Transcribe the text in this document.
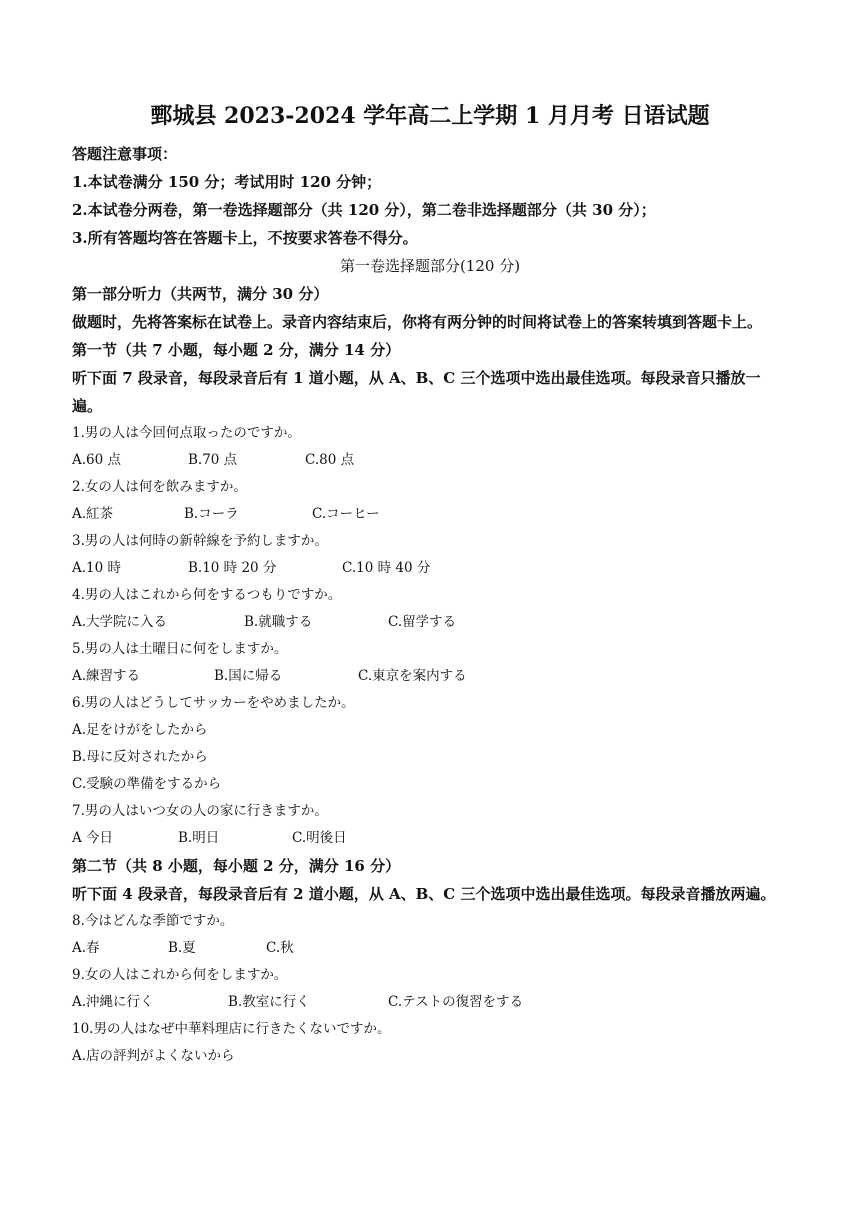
鄄城县 2023-2024 学年高二上学期 1 月月考 日语试题

答题注意事项：

1.本试卷满分 150 分；考试用时 120 分钟；

2.本试卷分两卷，第一卷选择题部分（共 120 分），第二卷非选择题部分（共 30 分）；

3.所有答题均答在答题卡上，不按要求答卷不得分。

第一卷选择题部分(120 分)

第一部分听力（共两节，满分 30 分）

做题时，先将答案标在试卷上。录音内容结束后，你将有两分钟的时间将试卷上的答案转填到答题卡上。

第一节（共 7 小题，每小题 2 分，满分 14 分）

听下面 7 段录音，每段录音后有 1 道小题，从 A、B、C 三个选项中选出最佳选项。每段录音只播放一遍。

1.男の人は今回何点取ったのですか。

A.60 点	B.70 点	C.80 点

2.女の人は何を飲みますか。

A.紅茶	B.コーラ	C.コーヒー

3.男の人は何時の新幹線を予約しますか。

A.10 時	B.10 時 20 分	C.10 時 40 分

4.男の人はこれから何をするつもりですか。

A.大学院に入る	B.就職する	C.留学する

5.男の人は土曜日に何をしますか。

A.練習する	B.国に帰る	C.東京を案内する

6.男の人はどうしてサッカーをやめましたか。

A.足をけがをしたから

B.母に反対されたから

C.受験の準備をするから

7.男の人はいつ女の人の家に行きますか。

A 今日	B.明日	C.明後日

第二节（共 8 小题，每小题 2 分，满分 16 分）

听下面 4 段录音，每段录音后有 2 道小题，从 A、B、C 三个选项中选出最佳选项。每段录音播放两遍。

8.今はどんな季節ですか。

A.春	B.夏	C.秋

9.女の人はこれから何をしますか。

A.沖縄に行く	B.教室に行く	C.テストの復習をする

10.男の人はなぜ中華料理店に行きたくないですか。

A.店の評判がよくないから
